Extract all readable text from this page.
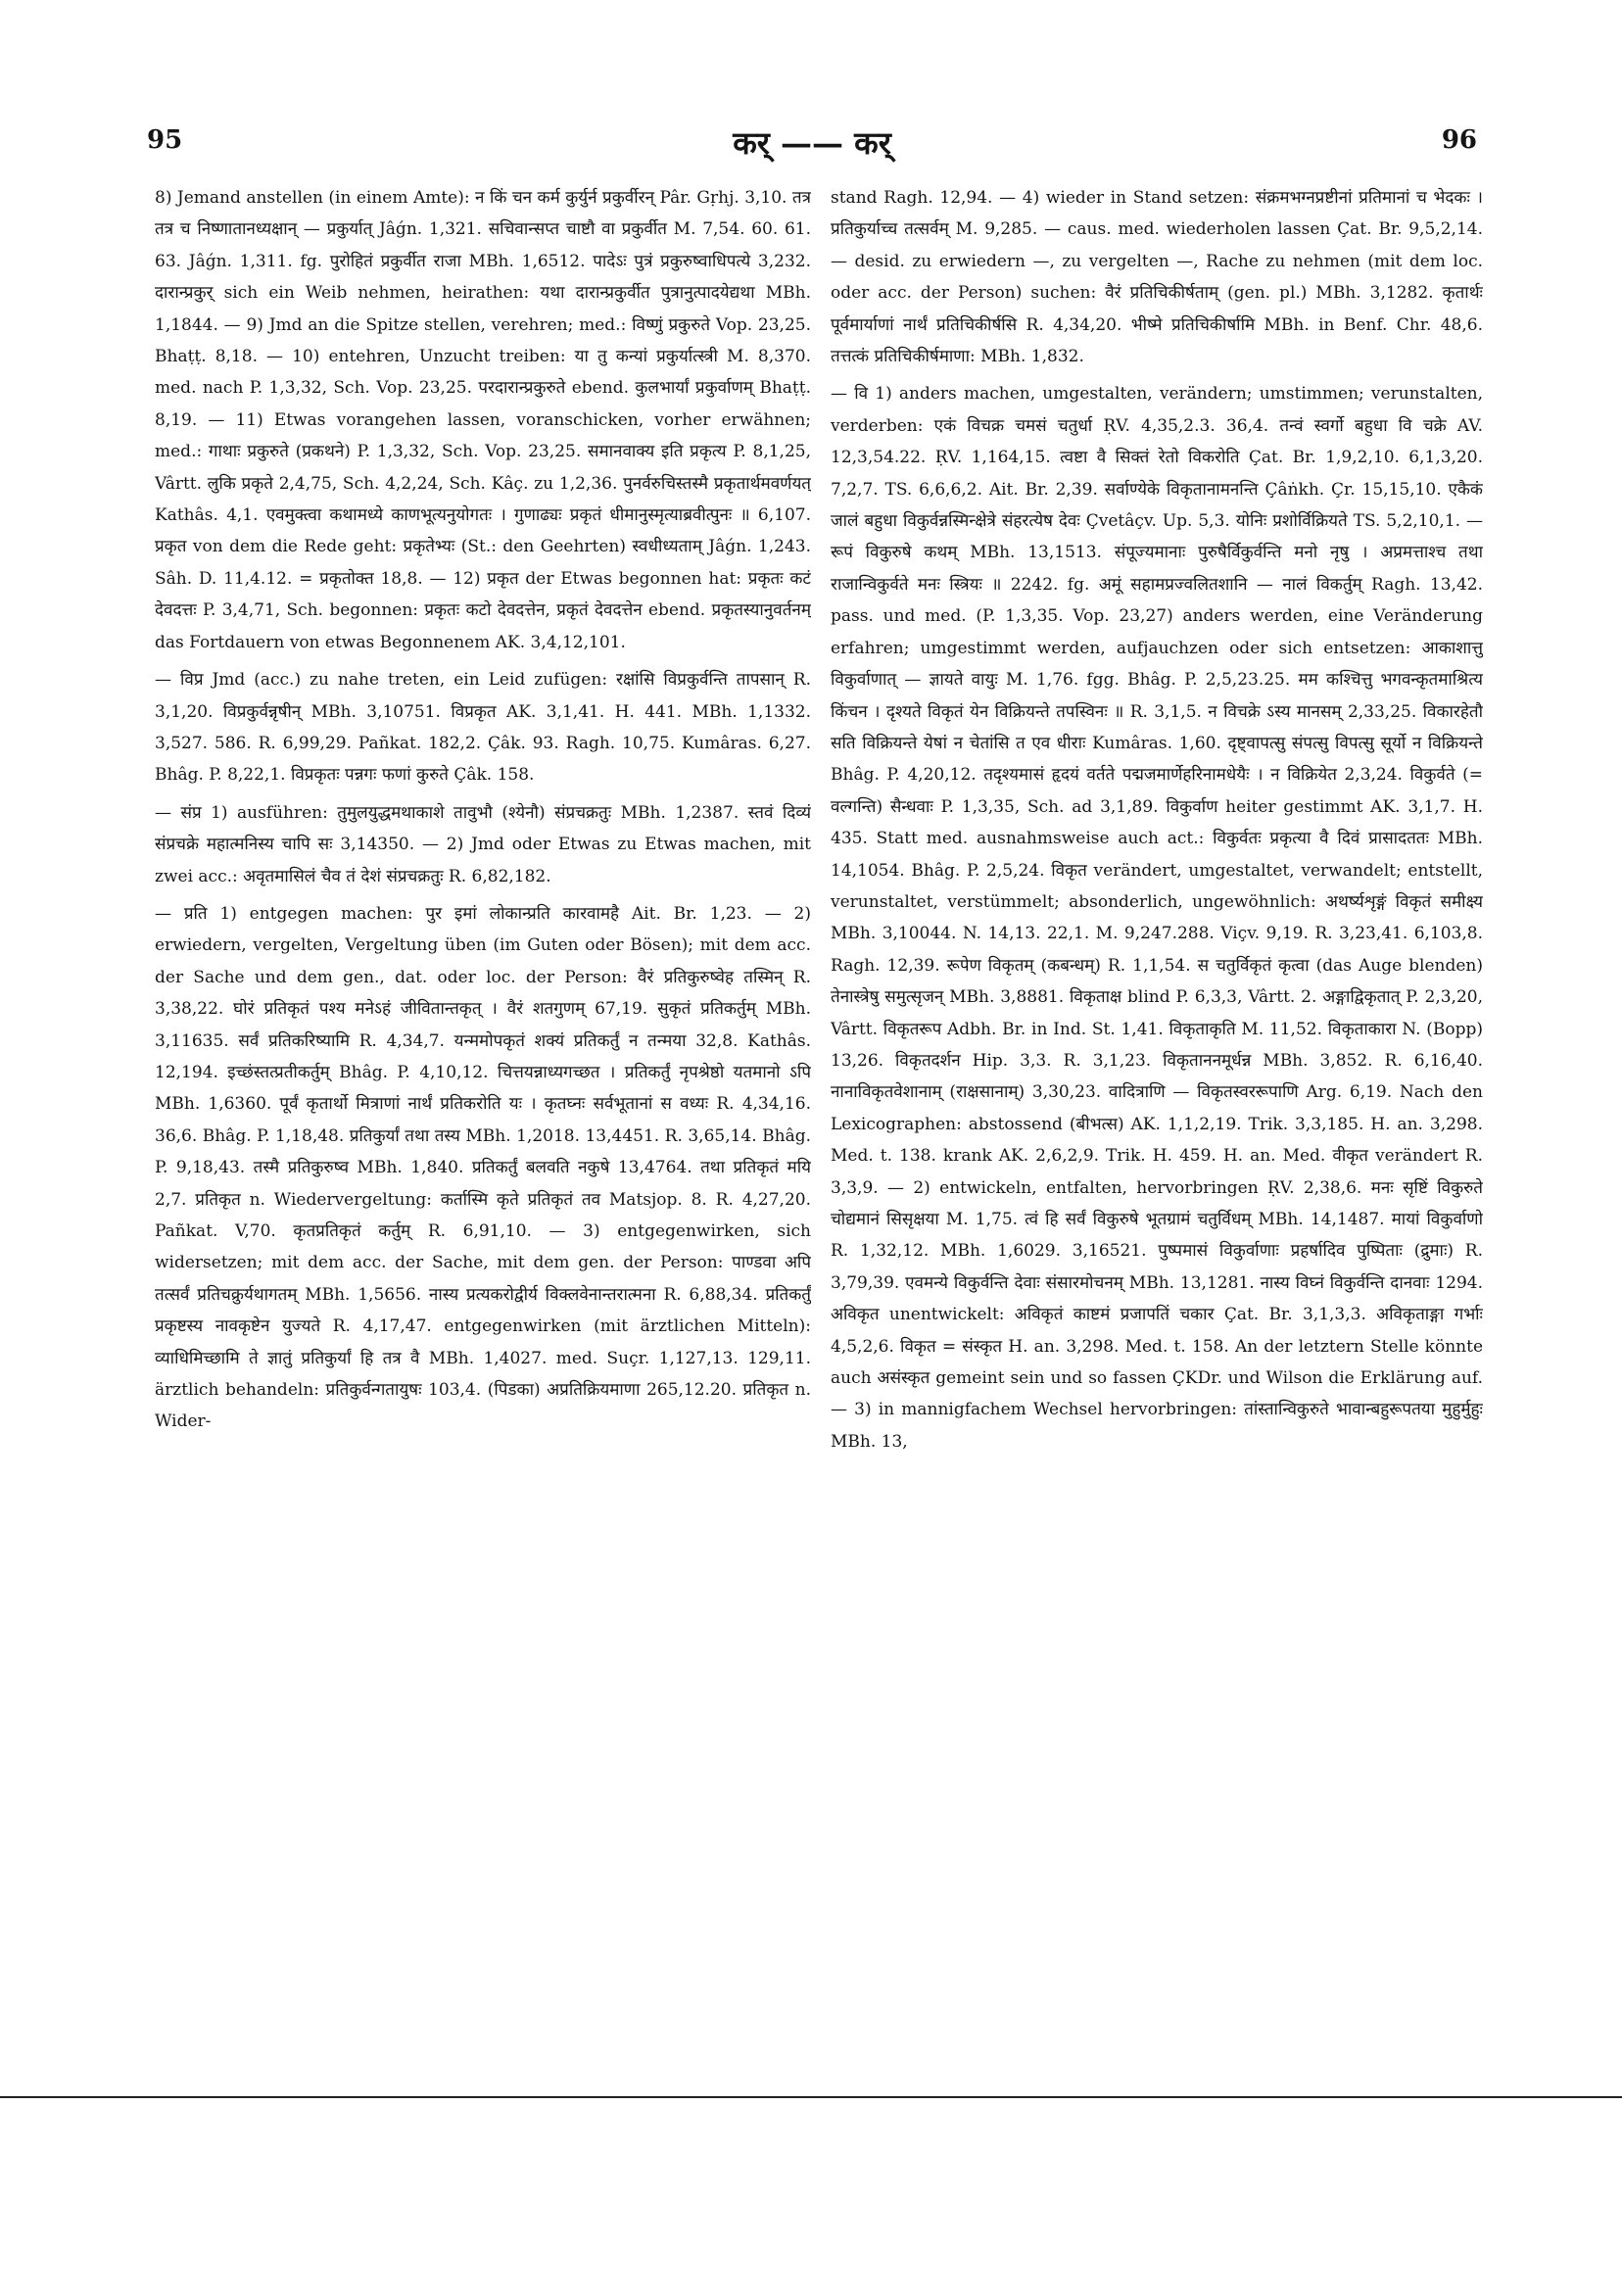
95	कर् —— कर्	96

8) Jemand anstellen (in einem Amte): न किं चन कर्म कुर्युर्न प्रकुर्वीरन् Pâr. Gṛhj. 3,10. तत्र तत्र च निष्णातानध्यक्षान् — प्रकुर्यात् Jâǵn. 1,321. सचिवान्सप्त चाष्टौ वा प्रकुर्वीत M. 7,54. 60. 61. 63. Jâǵn. 1,311. fg. पुरोहितं प्रकुर्वीत राजा MBh. 1,6512. पादेऽः पुत्रं प्रकुरुष्वाधिपत्ये 3,232. दारान्प्रकुर् sich ein Weib nehmen, heirathen: यथा दारान्प्रकुर्वीत पुत्रानुत्पादयेद्यथा MBh. 1,1844. — 9) Jmd an die Spitze stellen, verehren; med.: विष्णुं प्रकुरुते Vop. 23,25. Bhaṭṭ. 8,18. — 10) entehren, Unzucht treiben: या तु कन्यां प्रकुर्यात्स्त्री M. 8,370. med. nach P. 1,3,32, Sch. Vop. 23,25. परदारान्प्रकुरुते ebend. कुलभार्यां प्रकुर्वाणम् Bhaṭṭ. 8,19. — 11) Etwas vorangehen lassen, voranschicken, vorher erwähnen; med.: गाथाः प्रकुरुते (प्रकथने) P. 1,3,32, Sch. Vop. 23,25. समानवाक्य इति प्रकृत्य P. 8,1,25, Vârtt. लुकि प्रकृते 2,4,75, Sch. 4,2,24, Sch. Kâç. zu 1,2,36. पुनर्वरुचिस्तस्मै प्रकृतार्थमवर्णयत् Kathâs. 4,1. एवमुक्त्वा कथामध्ये काणभूत्यनुयोगतः । गुणाढ्यः प्रकृतं धीमानुस्मृत्याब्रवीत्पुनः ॥ 6,107. प्रकृत von dem die Rede geht: प्रकृतेभ्यः (St.: den Geehrten) स्वधीध्यताम् Jâǵn. 1,243. Sâh. D. 11,4.12. = प्रकृतोक्त 18,8. — 12) प्रकृत der Etwas begonnen hat: प्रकृतः कटं देवदत्तः P. 3,4,71, Sch. begonnen: प्रकृतः कटो देवदत्तेन, प्रकृतं देवदत्तेन ebend. प्रकृतस्यानुवर्तनम् das Fortdauern von etwas Begonnenem AK. 3,4,12,101.

— विप्र Jmd (acc.) zu nahe treten, ein Leid zufügen: रक्षांसि विप्रकुर्वन्ति तापसान् R. 3,1,20. विप्रकुर्वन्नृषीन् MBh. 3,10751. विप्रकृत AK. 3,1,41. H. 441. MBh. 1,1332. 3,527. 586. R. 6,99,29. Pañkat. 182,2. Çâk. 93. Ragh. 10,75. Kumâras. 6,27. Bhâg. P. 8,22,1. विप्रकृतः पन्नगः फणां कुरुते Çâk. 158.

— संप्र 1) ausführen: तुमुलयुद्धमथाकाशे तावुभौ (श्येनौ) संप्रचक्रतुः MBh. 1,2387. स्तवं दिव्यं संप्रचक्रे महात्मनिस्य चापि सः 3,14350. — 2) Jmd oder Etwas zu Etwas machen, mit zwei acc.: अवृतमासिलं चैव तं देशं संप्रचक्रतुः R. 6,82,182.

— प्रति 1) entgegen machen: पुर इमां लोकान्प्रति कारवामहै Ait. Br. 1,23. — 2) erwiedern, vergelten, Vergeltung üben (im Guten oder Bösen); mit dem acc. der Sache und dem gen., dat. oder loc. der Person: वैरं प्रतिकुरुष्वेह तस्मिन् R. 3,38,22. घोरं प्रतिकृतं पश्य मनेऽहं जीवितान्तकृत् । वैरं शतगुणम् 67,19. सुकृतं प्रतिकर्तुम् MBh. 3,11635. सर्वं प्रतिकरिष्यामि R. 4,34,7. यन्ममोपकृतं शक्यं प्रतिकर्तुं न तन्मया 32,8. Kathâs. 12,194. इच्छंस्तत्प्रतीकर्तुम् Bhâg. P. 4,10,12. चित्तयन्नाध्यगच्छत । प्रतिकर्तुं नृपश्रेष्ठो यतमानो ऽपि MBh. 1,6360. पूर्वं कृतार्थो मित्राणां नार्थं प्रतिकरोति यः । कृतघ्नः सर्वभूतानां स वध्यः R. 4,34,16. 36,6. Bhâg. P. 1,18,48. प्रतिकुर्यां तथा तस्य MBh. 1,2018. 13,4451. R. 3,65,14. Bhâg. P. 9,18,43. तस्मै प्रतिकुरुष्व MBh. 1,840. प्रतिकर्तुं बलवति नकुषे 13,4764. तथा प्रतिकृतं मयि 2,7. प्रतिकृत n. Wiedervergeltung: कर्तास्मि कृते प्रतिकृतं तव Matsjop. 8. R. 4,27,20. Pañkat. V,70. कृतप्रतिकृतं कर्तुम् R. 6,91,10. — 3) entgegenwirken, sich widersetzen; mit dem acc. der Sache, mit dem gen. der Person: पाण्डवा अपि तत्सर्वं प्रतिचक्रुर्यथागतम् MBh. 1,5656. नास्य प्रत्यकरोद्वीर्य विक्लवेनान्तरात्मना R. 6,88,34. प्रतिकर्तुं प्रकृष्टस्य नावकृष्टेन युज्यते R. 4,17,47. entgegenwirken (mit ärztlichen Mitteln): व्याधिमिच्छामि ते ज्ञातुं प्रतिकुर्यां हि तत्र वै MBh. 1,4027. med. Suçr. 1,127,13. 129,11. ärztlich behandeln: प्रतिकुर्वन्गतायुषः 103,4. (पिडका) अप्रतिक्रियमाणा 265,12.20. प्रतिकृत n. Wider-

stand Ragh. 12,94. — 4) wieder in Stand setzen: संक्रमभग्नप्रष्टीनां प्रतिमानां च भेदकः । प्रतिकुर्याच्च तत्सर्वम् M. 9,285. — caus. med. wiederholen lassen Çat. Br. 9,5,2,14. — desid. zu erwiedern —, zu vergelten —, Rache zu nehmen (mit dem loc. oder acc. der Person) suchen: वैरं प्रतिचिकीर्षताम् (gen. pl.) MBh. 3,1282. कृतार्थः पूर्वमार्याणां नार्थं प्रतिचिकीर्षसि R. 4,34,20. भीष्मे प्रतिचिकीर्षामि MBh. in Benf. Chr. 48,6. तत्तत्कं प्रतिचिकीर्षमाणा: MBh. 1,832.

— वि 1) anders machen, umgestalten, verändern; umstimmen; verunstalten, verderben: एकं विचक्र चमसं चतुर्धा ṚV. 4,35,2.3. 36,4. तन्वं स्वर्गो बहुधा वि चक्रे AV. 12,3,54.22. ṚV. 1,164,15. त्वष्टा वै सिक्तं रेतो विकरोति Çat. Br. 1,9,2,10. 6,1,3,20. 7,2,7. TS. 6,6,6,2. Ait. Br. 2,39. सर्वाण्येके विकृतानामनन्ति Çâṅkh. Çr. 15,15,10. एकैकं जालं बहुधा विकुर्वन्नस्मिन्क्षेत्रे संहरत्येष देवः Çvetâçv. Up. 5,3. योनिः प्रशोर्विक्रियते TS. 5,2,10,1. — रूपं विकुरुषे कथम् MBh. 13,1513. संपूज्यमानाः पुरुषैर्विकुर्वन्ति मनो नृषु । अप्रमत्ताश्च तथा राजान्विकुर्वते मनः स्त्रियः ॥ 2242. fg. अमूं सहामप्रज्वलितशानि — नालं विकर्तुम् Ragh. 13,42. pass. und med. (P. 1,3,35. Vop. 23,27) anders werden, eine Veränderung erfahren; umgestimmt werden, aufjauchzen oder sich entsetzen: आकाशात्तु विकुर्वाणात् — ज्ञायते वायुः M. 1,76. fgg. Bhâg. P. 2,5,23.25. मम कश्चित्तु भगवन्कृतमाश्रित्य किंचन । दृश्यते विकृतं येन विक्रियन्ते तपस्विनः ॥ R. 3,1,5. न विचक्रे ऽस्य मानसम् 2,33,25. विकारहेतौ सति विक्रियन्ते येषां न चेतांसि त एव धीराः Kumâras. 1,60. दृष्ट्वापत्सु संपत्सु विपत्सु सूर्यो न विक्रियन्ते Bhâg. P. 4,20,12. तदृश्यमासं हृदयं वर्तते पद्मजमार्णेहरिनामधेयैः । न विक्रियेत 2,3,24. विकुर्वते (= वल्गन्ति) सैन्धवाः P. 1,3,35, Sch. ad 3,1,89. विकुर्वाण heiter gestimmt AK. 3,1,7. H. 435. Statt med. ausnahmsweise auch act.: विकुर्वतः प्रकृत्या वै दिवं प्रासादततः MBh. 14,1054. Bhâg. P. 2,5,24. विकृत verändert, umgestaltet, verwandelt; entstellt, verunstaltet, verstümmelt; absonderlich, ungewöhnlich: अथर्ष्यशृङ्गं विकृतं समीक्ष्य MBh. 3,10044. N. 14,13. 22,1. M. 9,247.288. Viçv. 9,19. R. 3,23,41. 6,103,8. Ragh. 12,39. रूपेण विकृतम् (कबन्धम्) R. 1,1,54. स चतुर्विकृतं कृत्वा (das Auge blenden) तेनास्त्रेषु समुत्सृजन् MBh. 3,8881. विकृताक्ष blind P. 6,3,3, Vârtt. 2. अङ्गाद्विकृतात् P. 2,3,20, Vârtt. विकृतरूप Adbh. Br. in Ind. St. 1,41. विकृताकृति M. 11,52. विकृताकारा N. (Bopp) 13,26. विकृतदर्शन Hip. 3,3. R. 3,1,23. विकृताननमूर्धन्न MBh. 3,852. R. 6,16,40. नानाविकृतवेशानाम् (राक्षसानाम्) 3,30,23. वादित्राणि — विकृतस्वररूपाणि Arg. 6,19. Nach den Lexicographen: abstossend (बीभत्स) AK. 1,1,2,19. Trik. 3,3,185. H. an. 3,298. Med. t. 138. krank AK. 2,6,2,9. Trik. H. 459. H. an. Med. वीकृत verändert R. 3,3,9. — 2) entwickeln, entfalten, hervorbringen ṚV. 2,38,6. मनः सृष्टिं विकुरुते चोद्यमानं सिसृक्षया M. 1,75. त्वं हि सर्वं विकुरुषे भूतग्रामं चतुर्विधम् MBh. 14,1487. मायां विकुर्वाणो R. 1,32,12. MBh. 1,6029. 3,16521. पुष्पमासं विकुर्वाणाः प्रहर्षादिव पुष्पिताः (द्रुमाः) R. 3,79,39. एवमन्ये विकुर्वन्ति देवाः संसारमोचनम् MBh. 13,1281. नास्य विघ्नं विकुर्वन्ति दानवाः 1294. अविकृत unentwickelt: अविकृतं काष्टमं प्रजापतिं चकार Çat. Br. 3,1,3,3. अविकृताङ्गा गर्भाः 4,5,2,6. विकृत = संस्कृत H. an. 3,298. Med. t. 158. An der letztern Stelle könnte auch असंस्कृत gemeint sein und so fassen ÇKDr. und Wilson die Erklärung auf. — 3) in mannigfachem Wechsel hervorbringen: तांस्तान्विकुरुते भावान्बहुरूपतया मुहुर्मुहुः MBh. 13,
